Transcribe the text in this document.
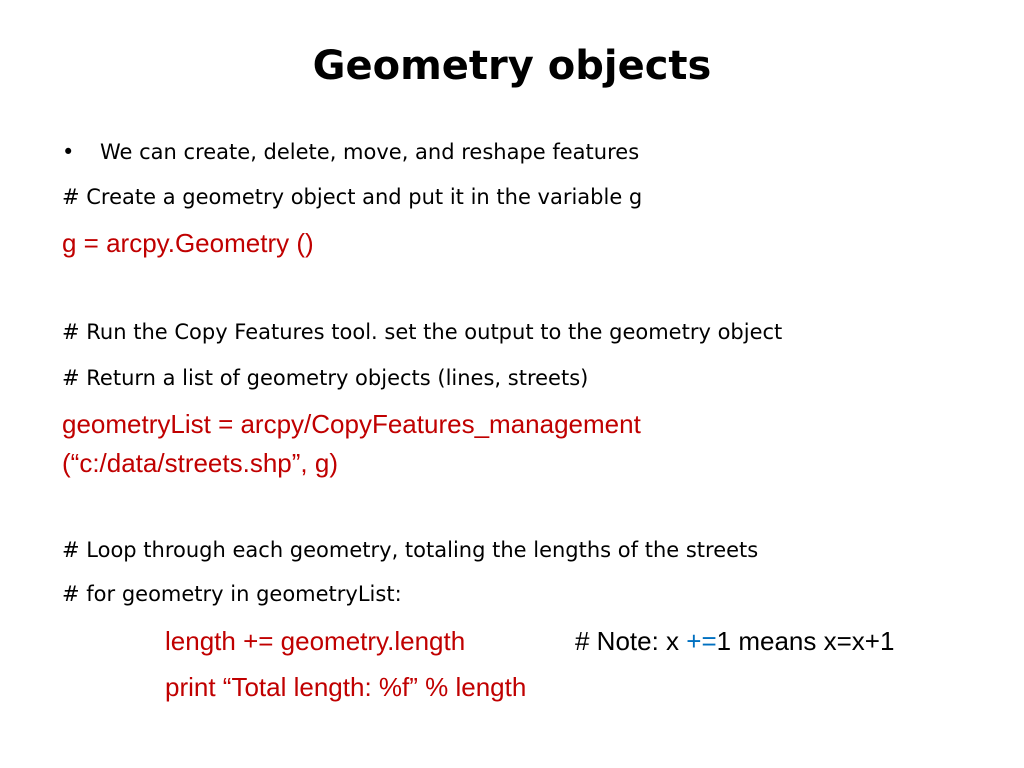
Geometry objects
• We can create, delete, move, and reshape features
# Create a geometry object and put it in the variable g
g = arcpy.Geometry ()
# Run the Copy Features tool. set the output to the geometry object
# Return a list of geometry objects (lines, streets)
geometryList = arcpy/CopyFeatures_management
(“c:/data/streets.shp”, g)
# Loop through each geometry, totaling the lengths of the streets
# for geometry in geometryList:
length += geometry.length	# Note: x +=1 means x=x+1
print “Total length: %f” % length
